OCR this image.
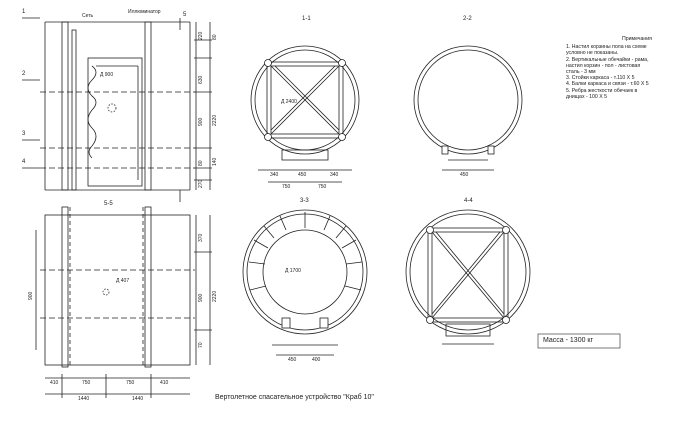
Вертолетное спасательное устройство "Краб 10"
Масса - 1300 кг
Примечания
1. Настил корзины пола на схеме
условно не показаны.
2. Вертикальные обечайки - рама,
настил корзин - пол - листовая
сталь - 3 мм
3. Стойки каркаса - т.110 Х 5
4. Балки каркаса и связи - т.60 Х 5
5. Ребра жесткости обечаек в
днищах - 100 Х 5
Сеть
Иллюминатор
1
2
3
4
5
Д 900
220 80
630
900 2220
80 140
270
5-5
900
Д 407
370
900 2220
70
410	750	750	410
1440	1440
1-1	2-2
3-3	4-4
Д 2400
340	450	340
750	750
450
Д 1700
450	400
